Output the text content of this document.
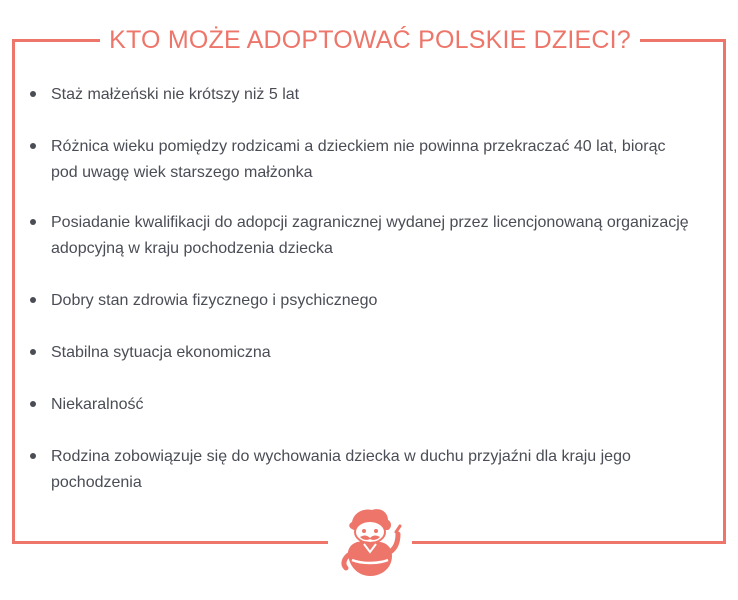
KTO MOŻE ADOPTOWAĆ POLSKIE DZIECI?
Staż małżeński nie krótszy niż 5 lat
Różnica wieku pomiędzy rodzicami a dzieckiem nie powinna przekraczać 40 lat, biorąc pod uwagę wiek starszego małżonka
Posiadanie kwalifikacji do adopcji zagranicznej wydanej przez licencjonowaną organizację adopcyjną w kraju pochodzenia dziecka
Dobry stan zdrowia fizycznego i psychicznego
Stabilna sytuacja ekonomiczna
Niekaralność
Rodzina zobowiązuje się do wychowania dziecka w duchu przyjaźni dla kraju jego pochodzenia
